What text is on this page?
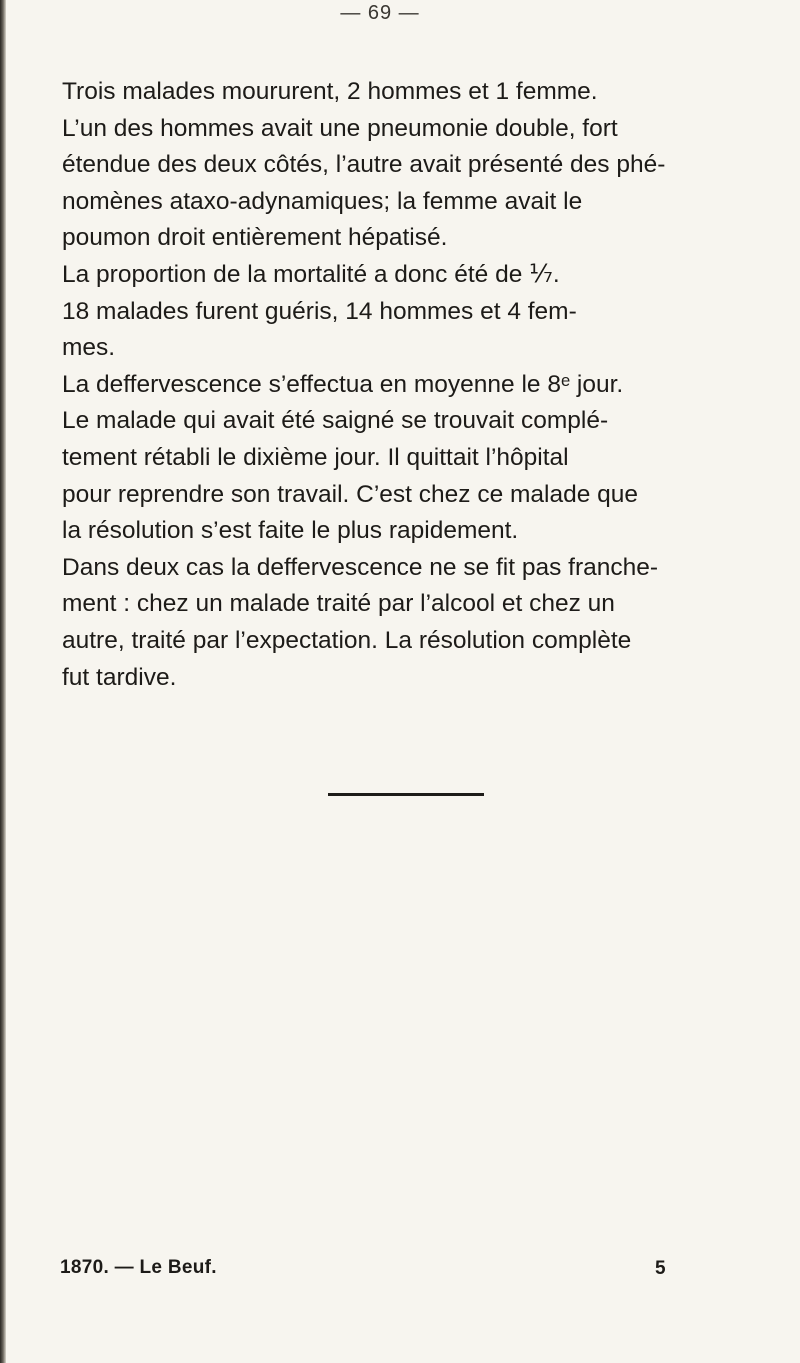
— 69 —

Trois malades moururent, 2 hommes et 1 femme.

L’un des hommes avait une pneumonie double, fort

étendue des deux côtés, l’autre avait présenté des phé-

nomènes ataxo-adynamiques; la femme avait le

poumon droit entièrement hépatisé.

La proportion de la mortalité a donc été de ⅐.

18 malades furent guéris, 14 hommes et 4 fem-

mes.

La deffervescence s’effectua en moyenne le 8ᵉ jour.

Le malade qui avait été saigné se trouvait complé-

tement rétabli le dixième jour. Il quittait l’hôpital

pour reprendre son travail. C’est chez ce malade que

la résolution s’est faite le plus rapidement.

Dans deux cas la deffervescence ne se fit pas franche-

ment : chez un malade traité par l’alcool et chez un

autre, traité par l’expectation. La résolution complète

fut tardive.

1870. — Le Beuf.	5
